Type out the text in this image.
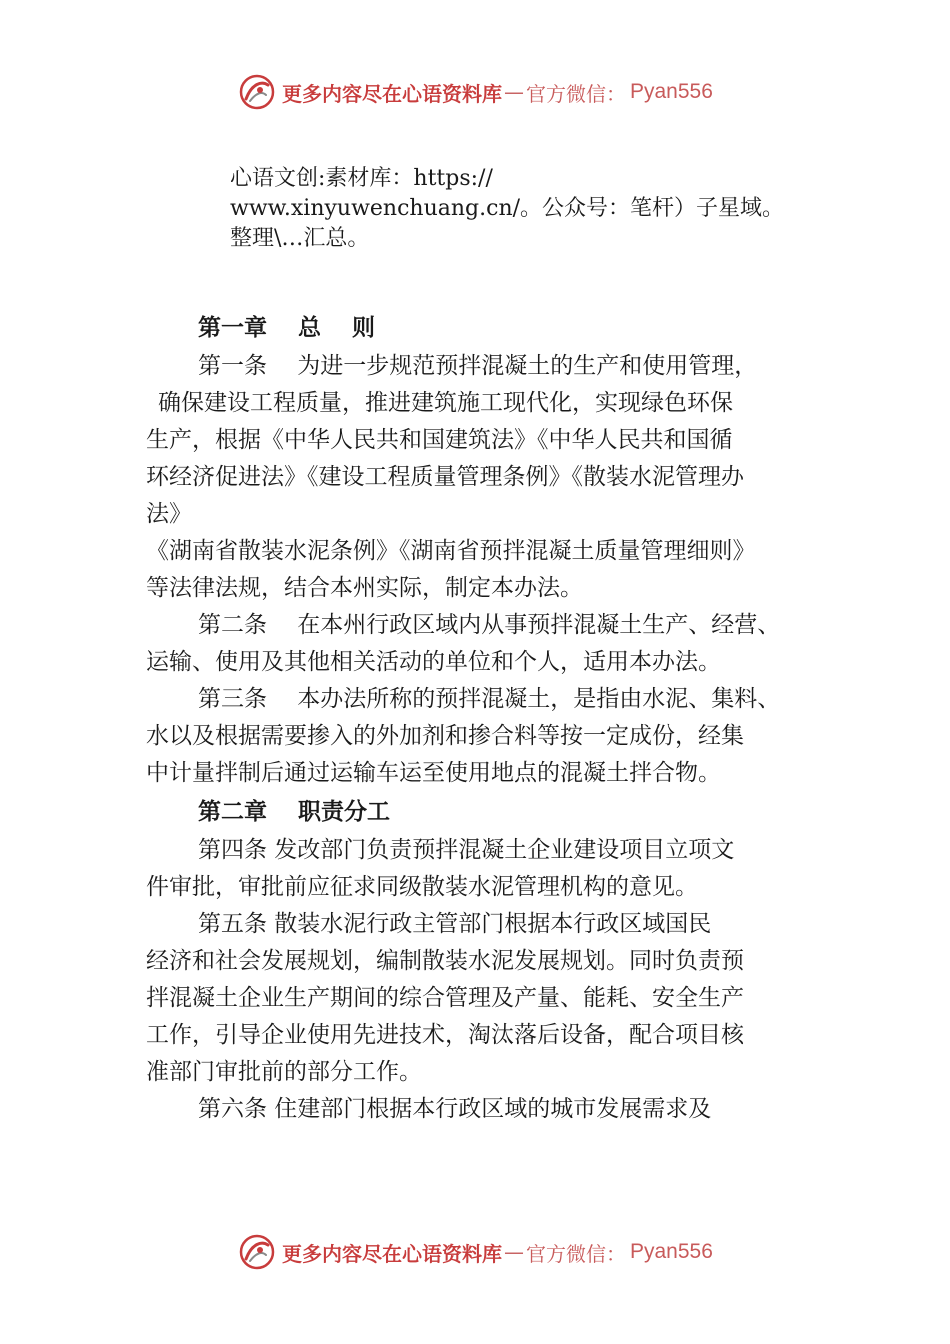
更多内容尽在心语资料库 — 官方微信： Pyan556
心语文创:素材库：https://
www.xinyuwenchuang.cn/。公众号：笔杆）子星域。
整理\…汇总。
第一章　 总　 则
第一条　 为进一步规范预拌混凝土的生产和使用管理，
确保建设工程质量，推进建筑施工现代化，实现绿色环保
生产，根据《中华人民共和国建筑法》《中华人民共和国循
环经济促进法》《建设工程质量管理条例》《散装水泥管理办
法》
《湖南省散装水泥条例》《湖南省预拌混凝土质量管理细则》
等法律法规，结合本州实际，制定本办法。
第二条　 在本州行政区域内从事预拌混凝土生产、经营、
运输、使用及其他相关活动的单位和个人，适用本办法。
第三条　 本办法所称的预拌混凝土，是指由水泥、集料、
水以及根据需要掺入的外加剂和掺合料等按一定成份，经集
中计量拌制后通过运输车运至使用地点的混凝土拌合物。
第二章　 职责分工
第四条 发改部门负责预拌混凝土企业建设项目立项文
件审批，审批前应征求同级散装水泥管理机构的意见。
第五条 散装水泥行政主管部门根据本行政区域国民
经济和社会发展规划，编制散装水泥发展规划。同时负责预
拌混凝土企业生产期间的综合管理及产量、能耗、安全生产
工作，引导企业使用先进技术，淘汰落后设备，配合项目核
准部门审批前的部分工作。
第六条 住建部门根据本行政区域的城市发展需求及
更多内容尽在心语资料库 — 官方微信： Pyan556
